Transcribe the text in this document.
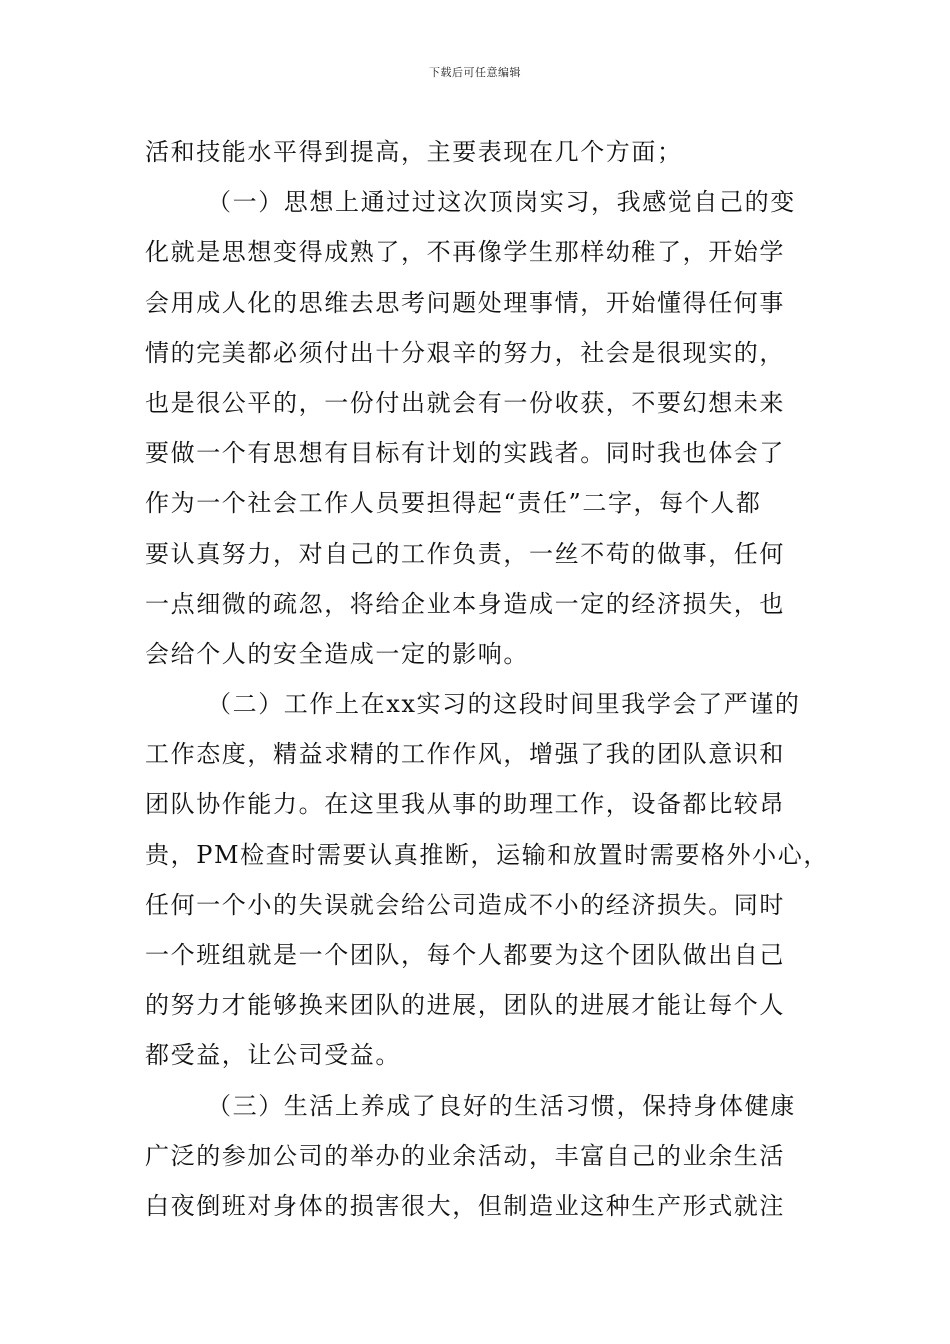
下载后可任意编辑
活和技能水平得到提高，主要表现在几个方面；
（一）思想上通过过这次顶岗实习，我感觉自己的变
化就是思想变得成熟了，不再像学生那样幼稚了，开始学
会用成人化的思维去思考问题处理事情，开始懂得任何事
情的完美都必须付出十分艰辛的努力，社会是很现实的，
也是很公平的，一份付出就会有一份收获，不要幻想未来
要做一个有思想有目标有计划的实践者。同时我也体会了
作为一个社会工作人员要担得起“责任”二字，每个人都
要认真努力，对自己的工作负责，一丝不苟的做事，任何
一点细微的疏忽，将给企业本身造成一定的经济损失，也
会给个人的安全造成一定的影响。
（二）工作上在xx实习的这段时间里我学会了严谨的
工作态度，精益求精的工作作风，增强了我的团队意识和
团队协作能力。在这里我从事的助理工作，设备都比较昂
贵，PM检查时需要认真推断，运输和放置时需要格外小心，
任何一个小的失误就会给公司造成不小的经济损失。同时
一个班组就是一个团队，每个人都要为这个团队做出自己
的努力才能够换来团队的进展，团队的进展才能让每个人
都受益，让公司受益。
（三）生活上养成了良好的生活习惯，保持身体健康
广泛的参加公司的举办的业余活动，丰富自己的业余生活
白夜倒班对身体的损害很大，但制造业这种生产形式就注
